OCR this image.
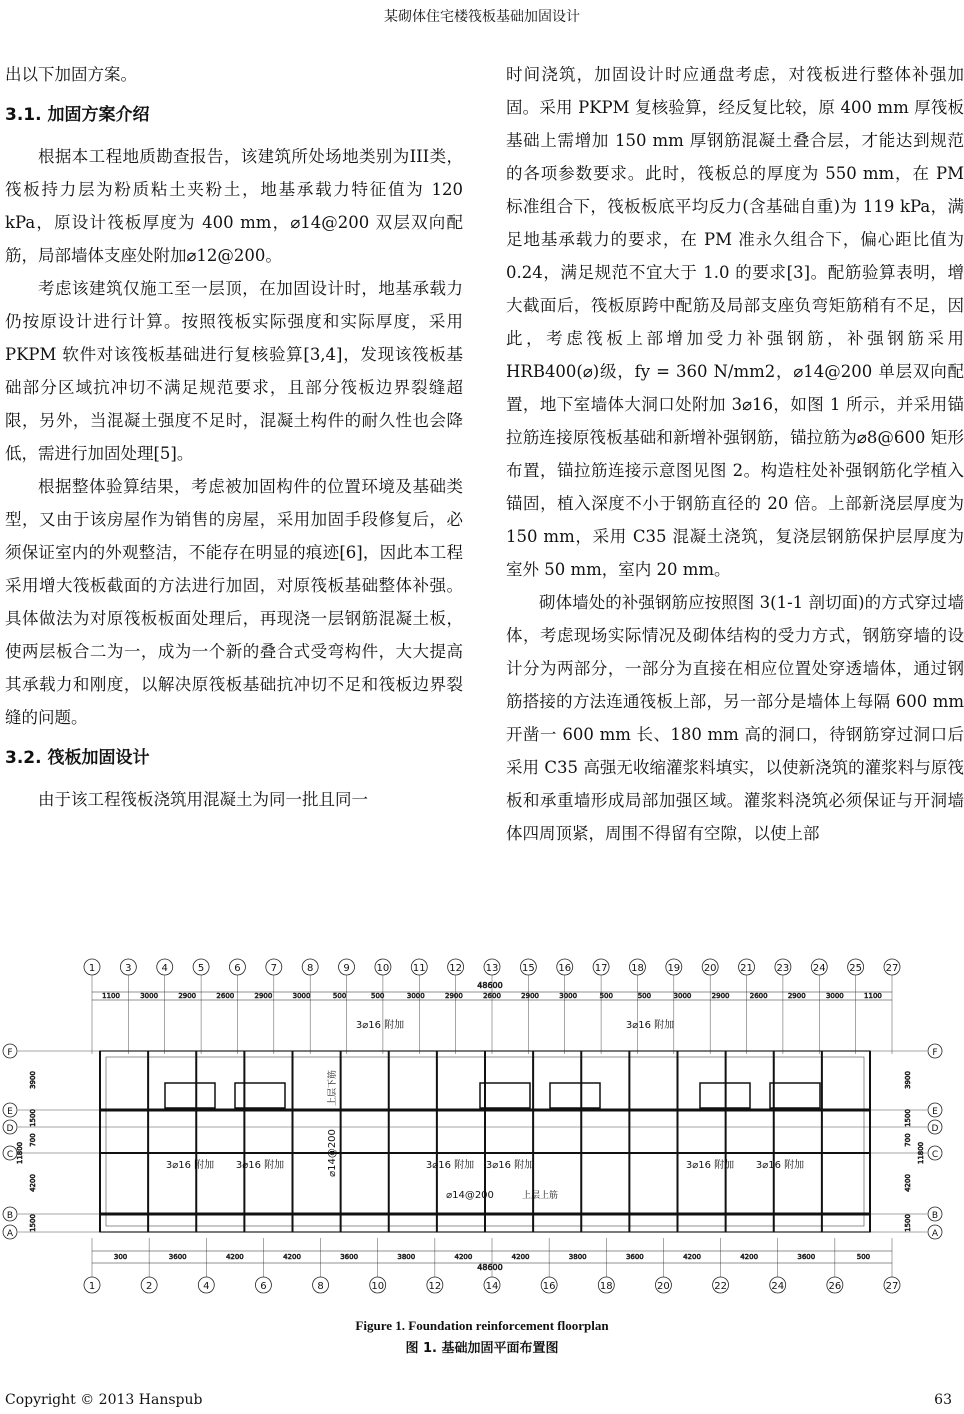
某砌体住宅楼筏板基础加固设计

出以下加固方案。

3.1. 加固方案介绍

根据本工程地质勘查报告，该建筑所处场地类别为III类，筏板持力层为粉质粘土夹粉土，地基承载力特征值为 120 kPa，原设计筏板厚度为 400 mm，⌀14@200 双层双向配筋，局部墙体支座处附加⌀12@200。

考虑该建筑仅施工至一层顶，在加固设计时，地基承载力仍按原设计进行计算。按照筏板实际强度和实际厚度，采用 PKPM 软件对该筏板基础进行复核验算[3,4]，发现该筏板基础部分区域抗冲切不满足规范要求，且部分筏板边界裂缝超限，另外，当混凝土强度不足时，混凝土构件的耐久性也会降低，需进行加固处理[5]。

根据整体验算结果，考虑被加固构件的位置环境及基础类型，又由于该房屋作为销售的房屋，采用加固手段修复后，必须保证室内的外观整洁，不能存在明显的痕迹[6]，因此本工程采用增大筏板截面的方法进行加固，对原筏板基础整体补强。具体做法为对原筏板板面处理后，再现浇一层钢筋混凝土板，使两层板合二为一，成为一个新的叠合式受弯构件，大大提高其承载力和刚度，以解决原筏板基础抗冲切不足和筏板边界裂缝的问题。

3.2. 筏板加固设计

由于该工程筏板浇筑用混凝土为同一批且同一

时间浇筑，加固设计时应通盘考虑，对筏板进行整体补强加固。采用 PKPM 复核验算，经反复比较，原 400 mm 厚筏板基础上需增加 150 mm 厚钢筋混凝土叠合层，才能达到规范的各项参数要求。此时，筏板总的厚度为 550 mm，在 PM 标准组合下，筏板板底平均反力(含基础自重)为 119 kPa，满足地基承载力的要求，在 PM 准永久组合下，偏心距比值为 0.24，满足规范不宜大于 1.0 的要求[3]。配筋验算表明，增大截面后，筏板原跨中配筋及局部支座负弯矩筋稍有不足，因此，考虑筏板上部增加受力补强钢筋，补强钢筋采用 HRB400(⌀)级，fy = 360 N/mm2，⌀14@200 单层双向配置，地下室墙体大洞口处附加 3⌀16，如图 1 所示，并采用锚拉筋连接原筏板基础和新增补强钢筋，锚拉筋为⌀8@600 矩形布置，锚拉筋连接示意图见图 2。构造柱处补强钢筋化学植入锚固，植入深度不小于钢筋直径的 20 倍。上部新浇层厚度为 150 mm，采用 C35 混凝土浇筑，复浇层钢筋保护层厚度为室外 50 mm，室内 20 mm。

砌体墙处的补强钢筋应按照图 3(1-1 剖切面)的方式穿过墙体，考虑现场实际情况及砌体结构的受力方式，钢筋穿墙的设计分为两部分，一部分为直接在相应位置处穿透墙体，通过钢筋搭接的方法连通筏板上部，另一部分是墙体上每隔 600 mm 开凿一 600 mm 长、180 mm 高的洞口，待钢筋穿过洞口后采用 C35 高强无收缩灌浆料填实，以使新浇筑的灌浆料与原筏板和承重墙形成局部加强区域。灌浆料浇筑必须保证与开洞墙体四周顶紧，周围不得留有空隙，以使上部

1	3	4	5	6	7	8	9	10 11 12 13 15 16 17 18 19 20 21 23 24 25 27
1	2	4	6	8	10	12	14	16	18	20	22	24	26	27
F	F
E	E
D	D
C	C
B	B
A	A
48600
1100	3000	2900	2600	2900	3000	500	500	3000	2900	2600	2900	3000	500	500	3000	2900	2600	2900	3000	1100
300	3600	4200	4200	3600	3800	4200	4200	3800	3600	4200	4200	3600	500
48600
3900
1500
700
4200
1500
3900
1500
700
4200
1500
11800	11800
3⌀16 附加	3⌀16 附加
3⌀16 附加 3⌀16 附加	3⌀16 附加 3⌀16 附加	3⌀16 附加 3⌀16 附加
⌀14@200
上层下筋
⌀14@200	上层上筋
Figure 1. Foundation reinforcement floorplan
图 1. 基础加固平面布置图
Copyright © 2013 Hanspub	63
